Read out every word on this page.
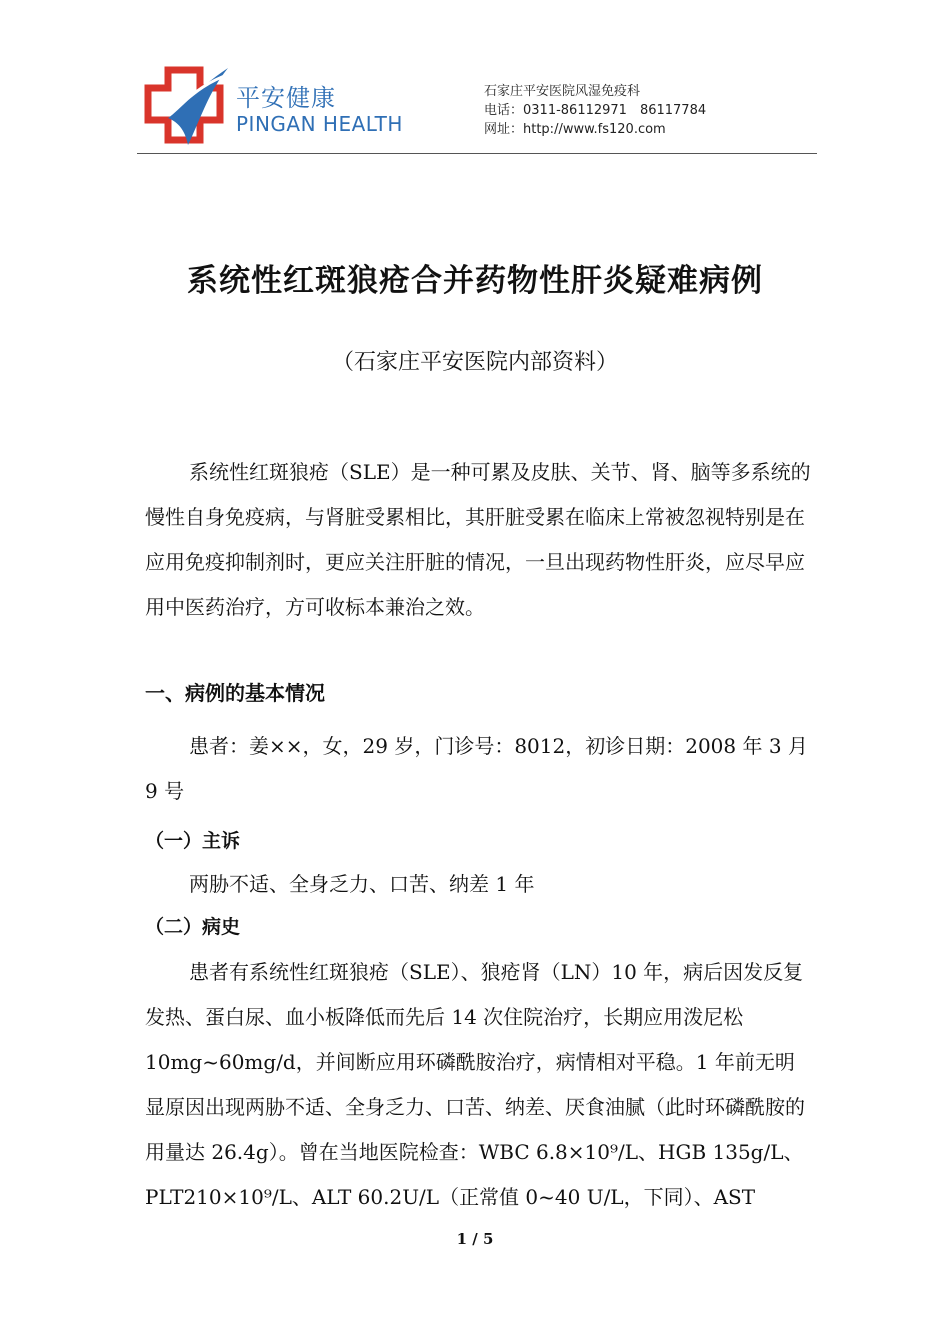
平安健康
PINGAN HEALTH
石家庄平安医院风湿免疫科
电话：0311-86112971　86117784
网址：http://www.fs120.com
系统性红斑狼疮合并药物性肝炎疑难病例
（石家庄平安医院内部资料）
系统性红斑狼疮（SLE）是一种可累及皮肤、关节、肾、脑等多系统的慢性自身免疫病，与肾脏受累相比，其肝脏受累在临床上常被忽视特别是在应用免疫抑制剂时，更应关注肝脏的情况，一旦出现药物性肝炎，应尽早应用中医药治疗，方可收标本兼治之效。
一、病例的基本情况
患者：姜××，女，29 岁，门诊号：8012，初诊日期：2008 年 3 月 9 号
（一）主诉
两胁不适、全身乏力、口苦、纳差 1 年
（二）病史
患者有系统性红斑狼疮（SLE）、狼疮肾（LN）10 年，病后因发反复发热、蛋白尿、血小板降低而先后 14 次住院治疗，长期应用泼尼松 10mg~60mg/d，并间断应用环磷酰胺治疗，病情相对平稳。1 年前无明显原因出现两胁不适、全身乏力、口苦、纳差、厌食油腻（此时环磷酰胺的用量达 26.4g）。曾在当地医院检查：WBC 6.8×10⁹/L、HGB 135g/L、PLT210×10⁹/L、ALT 60.2U/L（正常值 0~40 U/L，下同）、AST
1 / 5
